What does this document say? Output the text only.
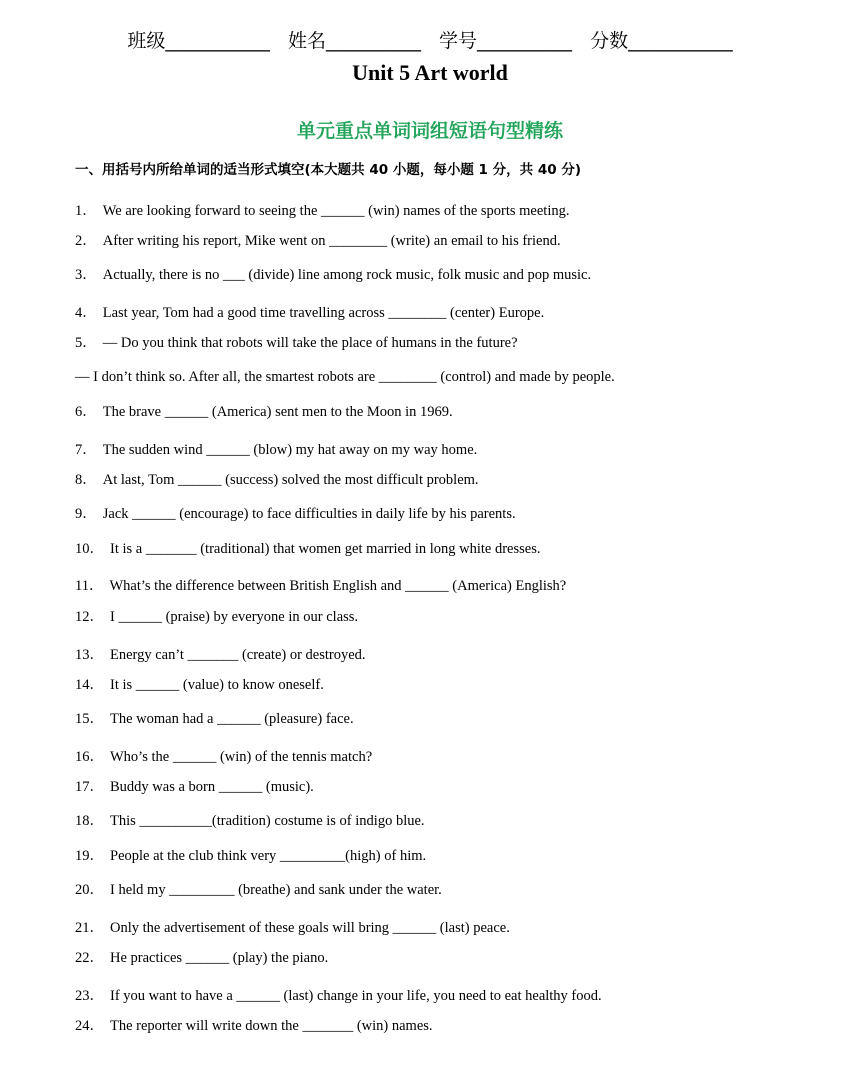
班级___________ 姓名__________ 学号__________ 分数___________
Unit 5 Art world
单元重点单词词组短语句型精练
一、用括号内所给单词的适当形式填空(本大题共 40 小题，每小题 1 分，共 40 分)
1． We are looking forward to seeing the ______ (win) names of the sports meeting.
2． After writing his report, Mike went on ________ (write) an email to his friend.
3． Actually, there is no ___ (divide) line among rock music, folk music and pop music.
4． Last year, Tom had a good time travelling across ________ (center) Europe.
5． — Do you think that robots will take the place of humans in the future?
— I don’t think so. After all, the smartest robots are ________ (control) and made by people.
6． The brave ______ (America) sent men to the Moon in 1969.
7． The sudden wind ______ (blow) my hat away on my way home.
8． At last, Tom ______ (success) solved the most difficult problem.
9． Jack ______ (encourage) to face difficulties in daily life by his parents.
10． It is a _______ (traditional) that women get married in long white dresses.
11． What’s the difference between British English and ______ (America) English?
12． I ______ (praise) by everyone in our class.
13． Energy can’t _______ (create) or destroyed.
14． It is ______ (value) to know oneself.
15． The woman had a ______ (pleasure) face.
16． Who’s the ______ (win) of the tennis match?
17． Buddy was a born ______ (music).
18． This __________(tradition) costume is of indigo blue.
19． People at the club think very _________(high) of him.
20． I held my _________ (breathe) and sank under the water.
21． Only the advertisement of these goals will bring ______ (last) peace.
22． He practices ______ (play) the piano.
23． If you want to have a ______ (last) change in your life, you need to eat healthy food.
24． The reporter will write down the _______ (win) names.
